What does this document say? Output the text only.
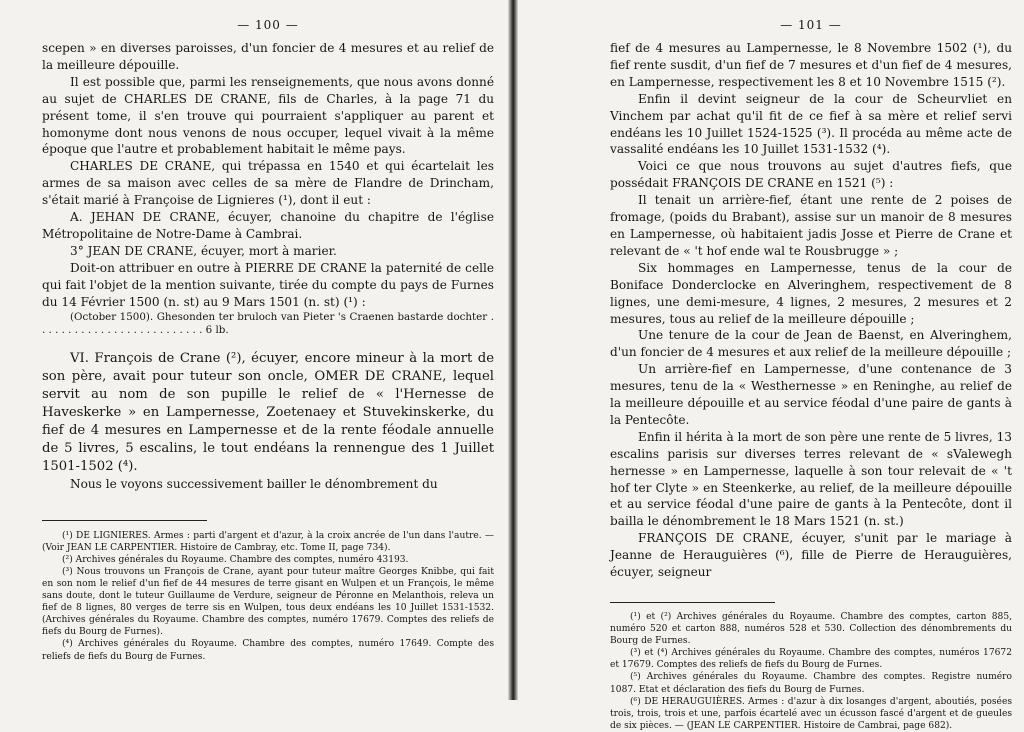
— 100 —

scepen » en diverses paroisses, d'un foncier de 4 mesures et au relief de la meilleure dépouille.

Il est possible que, parmi les renseignements, que nous avons donné au sujet de CHARLES DE CRANE, fils de Charles, à la page 71 du présent tome, il s'en trouve qui pourraient s'appliquer au parent et homonyme dont nous venons de nous occuper, lequel vivait à la même époque que l'autre et probablement habitait le même pays.

CHARLES DE CRANE, qui trépassa en 1540 et qui écartelait les armes de sa maison avec celles de sa mère de Flandre de Drincham, s'était marié à Françoise de Lignieres (¹), dont il eut :

A. JEHAN DE CRANE, écuyer, chanoine du chapitre de l'église Métropolitaine de Notre-Dame à Cambrai.

3° JEAN DE CRANE, écuyer, mort à marier.

Doit-on attribuer en outre à PIERRE DE CRANE la paternité de celle qui fait l'objet de la mention suivante, tirée du compte du pays de Furnes du 14 Février 1500 (n. st) au 9 Mars 1501 (n. st) (¹) :

(October 1500). Ghesonden ter bruloch van Pieter 's Craenen bastarde dochter . . . . . . . . . . . . . . . . . . . . . . . . . . 6 lb.

VI. François de Crane (²), écuyer, encore mineur à la mort de son père, avait pour tuteur son oncle, OMER DE CRANE, lequel servit au nom de son pupille le relief de « l'Hernesse de Haveskerke » en Lampernesse, Zoetenaey et Stuvekinskerke, du fief de 4 mesures en Lampernesse et de la rente féodale annuelle de 5 livres, 5 escalins, le tout endéans la rennengue des 1 Juillet 1501-1502 (⁴).

Nous le voyons successivement bailler le dénombrement du

(¹) DE LIGNIERES. Armes : parti d'argent et d'azur, à la croix ancrée de l'un dans l'autre. — (Voir JEAN LE CARPENTIER. Histoire de Cambray, etc. Tome II, page 734).

(²) Archives générales du Royaume. Chambre des comptes, numéro 43193.

(³) Nous trouvons un François de Crane, ayant pour tuteur maître Georges Knibbe, qui fait en son nom le relief d'un fief de 44 mesures de terre gisant en Wulpen et un François, le même sans doute, dont le tuteur Guillaume de Verdure, seigneur de Péronne en Melanthois, releva un fief de 8 lignes, 80 verges de terre sis en Wulpen, tous deux endéans les 10 Juillet 1531-1532. (Archives générales du Royaume. Chambre des comptes, numéro 17679. Comptes des reliefs de fiefs du Bourg de Furnes).

(⁴) Archives générales du Royaume. Chambre des comptes, numéro 17649. Compte des reliefs de fiefs du Bourg de Furnes.

— 101 —

fief de 4 mesures au Lampernesse, le 8 Novembre 1502 (¹), du fief rente susdit, d'un fief de 7 mesures et d'un fief de 4 mesures, en Lampernesse, respectivement les 8 et 10 Novembre 1515 (²).

Enfin il devint seigneur de la cour de Scheurvliet en Vinchem par achat qu'il fit de ce fief à sa mère et relief servi endéans les 10 Juillet 1524-1525 (³). Il procéda au même acte de vassalité endéans les 10 Juillet 1531-1532 (⁴).

Voici ce que nous trouvons au sujet d'autres fiefs, que possédait FRANÇOIS DE CRANE en 1521 (⁵) :

Il tenait un arrière-fief, étant une rente de 2 poises de fromage, (poids du Brabant), assise sur un manoir de 8 mesures en Lampernesse, où habitaient jadis Josse et Pierre de Crane et relevant de « 't hof ende wal te Rousbrugge » ;

Six hommages en Lampernesse, tenus de la cour de Boniface Donderclocke en Alveringhem, respectivement de 8 lignes, une demi-mesure, 4 lignes, 2 mesures, 2 mesures et 2 mesures, tous au relief de la meilleure dépouille ;

Une tenure de la cour de Jean de Baenst, en Alveringhem, d'un foncier de 4 mesures et aux relief de la meilleure dépouille ;

Un arrière-fief en Lampernesse, d'une contenance de 3 mesures, tenu de la « Westhernesse » en Reninghe, au relief de la meilleure dépouille et au service féodal d'une paire de gants à la Pentecôte.

Enfin il hérita à la mort de son père une rente de 5 livres, 13 escalins parisis sur diverses terres relevant de « sValewegh hernesse » en Lampernesse, laquelle à son tour relevait de « 't hof ter Clyte » en Steenkerke, au relief, de la meilleure dépouille et au service féodal d'une paire de gants à la Pentecôte, dont il bailla le dénombrement le 18 Mars 1521 (n. st.)

FRANÇOIS DE CRANE, écuyer, s'unit par le mariage à Jeanne de Herauguières (⁶), fille de Pierre de Herauguières, écuyer, seigneur

(¹) et (²) Archives générales du Royaume. Chambre des comptes, carton 885, numéro 520 et carton 888, numéros 528 et 530. Collection des dénombrements du Bourg de Furnes.

(³) et (⁴) Archives générales du Royaume. Chambre des comptes, numéros 17672 et 17679. Comptes des reliefs de fiefs du Bourg de Furnes.

(⁵) Archives générales du Royaume. Chambre des comptes. Registre numéro 1087. Etat et déclaration des fiefs du Bourg de Furnes.

(⁶) DE HERAUGUIÈRES. Armes : d'azur à dix losanges d'argent, aboutiés, posées trois, trois, trois et une, parfois écartelé avec un écusson fascé d'argent et de gueules de six pièces. — (JEAN LE CARPENTIER. Histoire de Cambrai, page 682).
